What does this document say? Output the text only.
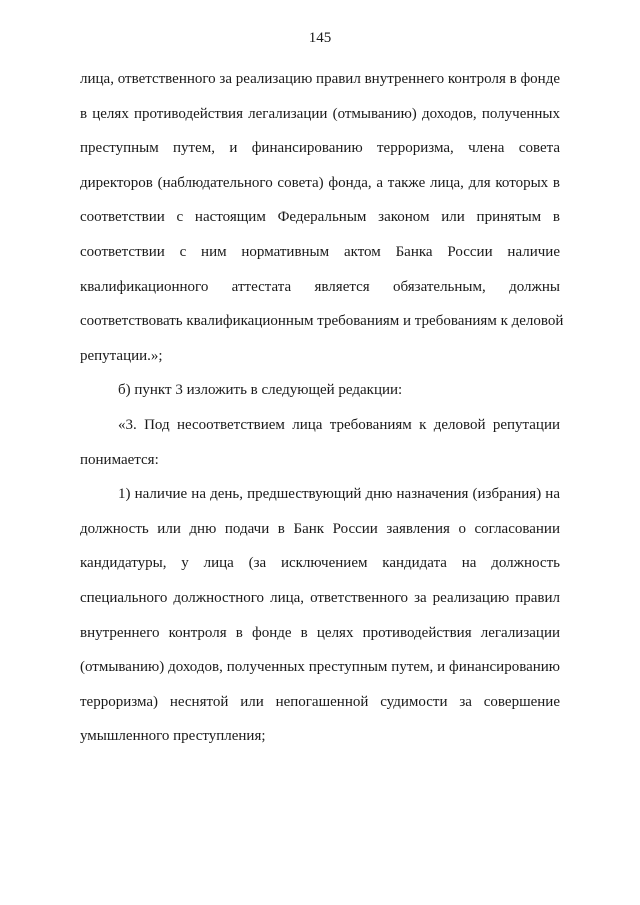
145
лица, ответственного за реализацию правил внутреннего контроля в фонде
в целях противодействия легализации (отмыванию) доходов, полученных
преступным путем, и финансированию терроризма, члена совета
директоров (наблюдательного совета) фонда, а также лица, для которых в
соответствии с настоящим Федеральным законом или принятым в
соответствии с ним нормативным актом Банка России наличие
квалификационного аттестата является обязательным, должны
соответствовать квалификационным требованиям и требованиям к деловой
репутации.»;
б) пункт 3 изложить в следующей редакции:
«3. Под несоответствием лица требованиям к деловой репутации
понимается:
1) наличие на день, предшествующий дню назначения (избрания) на
должность или дню подачи в Банк России заявления о согласовании
кандидатуры, у лица (за исключением кандидата на должность
специального должностного лица, ответственного за реализацию правил
внутреннего контроля в фонде в целях противодействия легализации
(отмыванию) доходов, полученных преступным путем, и финансированию
терроризма) неснятой или непогашенной судимости за совершение
умышленного преступления;
